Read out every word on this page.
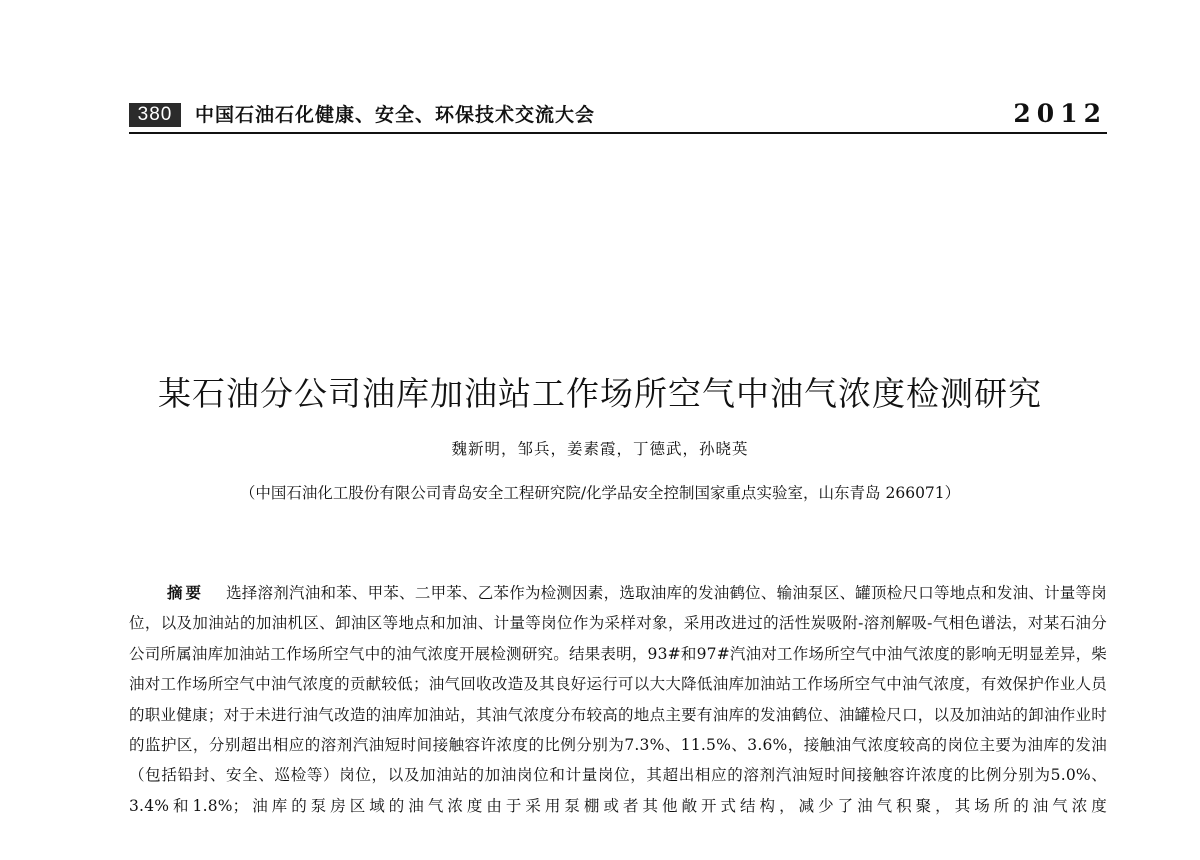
380	中国石油石化健康、安全、环保技术交流大会	2012
某石油分公司油库加油站工作场所空气中油气浓度检测研究
魏新明，邹兵，姜素霞，丁德武，孙晓英
（中国石油化工股份有限公司青岛安全工程研究院/化学品安全控制国家重点实验室，山东青岛 266071）

摘要 选择溶剂汽油和苯、甲苯、二甲苯、乙苯作为检测因素，选取油库的发油鹤位、输油泵区、罐顶检尺口等地点和发油、计量等岗位，以及加油站的加油机区、卸油区等地点和加油、计量等岗位作为采样对象，采用改进过的活性炭吸附-溶剂解吸-气相色谱法，对某石油分公司所属油库加油站工作场所空气中的油气浓度开展检测研究。结果表明，93#和97#汽油对工作场所空气中油气浓度的影响无明显差异，柴油对工作场所空气中油气浓度的贡献较低；油气回收改造及其良好运行可以大大降低油库加油站工作场所空气中油气浓度，有效保护作业人员的职业健康；对于未进行油气改造的油库加油站，其油气浓度分布较高的地点主要有油库的发油鹤位、油罐检尺口，以及加油站的卸油作业时的监护区，分别超出相应的溶剂汽油短时间接触容许浓度的比例分别为7.3%、11.5%、3.6%，接触油气浓度较高的岗位主要为油库的发油（包括铅封、安全、巡检等）岗位，以及加油站的加油岗位和计量岗位，其超出相应的溶剂汽油短时间接触容许浓度的比例分别为5.0%、3.4%和1.8%；油库的泵房区域的油气浓度由于采用泵棚或者其他敞开式结构，减少了油气积聚，其场所的油气浓度
